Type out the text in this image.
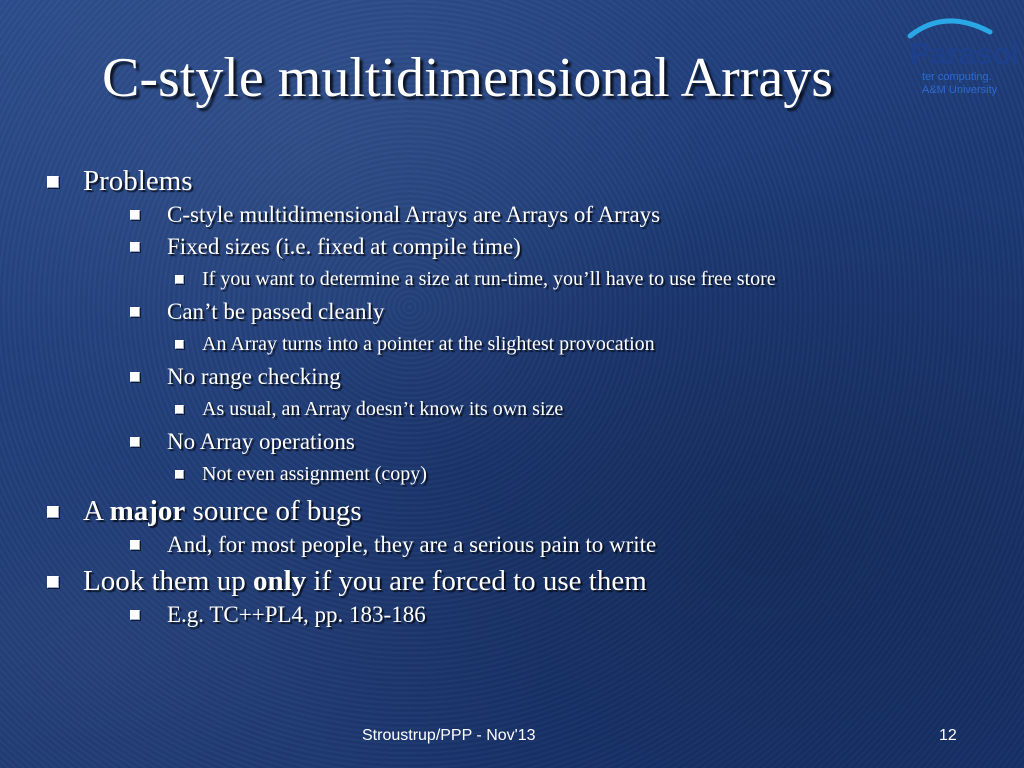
Parasol
ter computing.
A&M University
C-style multidimensional Arrays
Problems
C-style multidimensional Arrays are Arrays of Arrays
Fixed sizes (i.e. fixed at compile time)
If you want to determine a size at run-time, you’ll have to use free store
Can’t be passed cleanly
An Array turns into a pointer at the slightest provocation
No range checking
As usual, an Array doesn’t know its own size
No Array operations
Not even assignment (copy)
A major source of bugs
And, for most people, they are a serious pain to write
Look them up only if you are forced to use them
E.g. TC++PL4, pp. 183-186
Stroustrup/PPP - Nov'13	12
